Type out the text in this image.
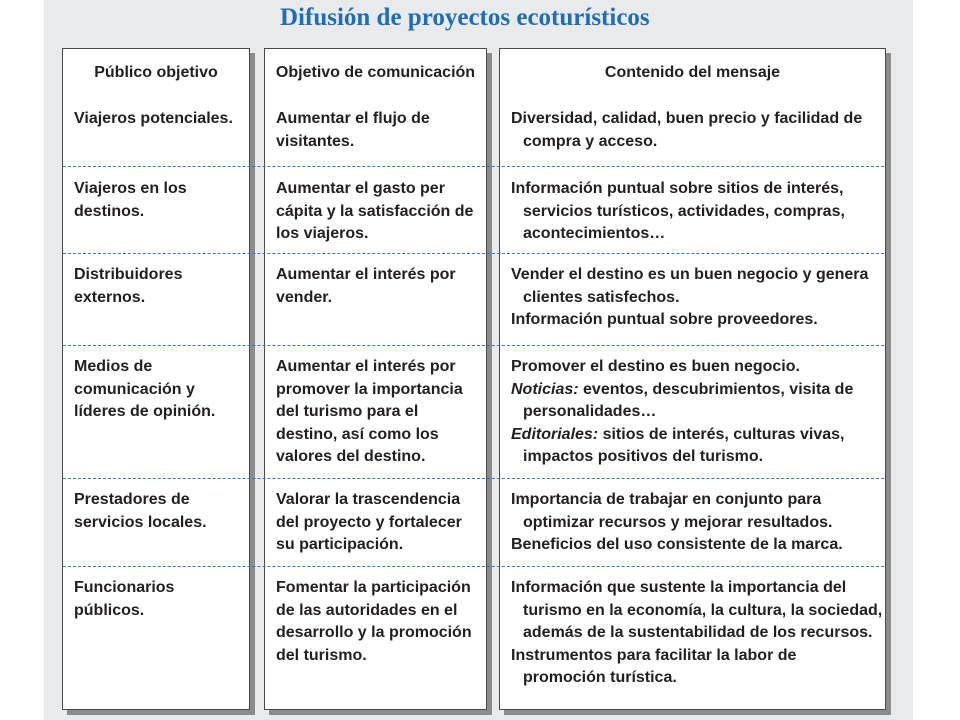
Difusión de proyectos ecoturísticos
Público objetivo
Viajeros potenciales.
Viajeros en los
destinos.
Distribuidores
externos.
Medios de
comunicación y
líderes de opinión.
Prestadores de
servicios locales.
Funcionarios
públicos.
Objetivo de comunicación
Aumentar el flujo de
visitantes.
Aumentar el gasto per
cápita y la satisfacción de
los viajeros.
Aumentar el interés por
vender.
Aumentar el interés por
promover la importancia
del turismo para el
destino, así como los
valores del destino.
Valorar la trascendencia
del proyecto y fortalecer
su participación.
Fomentar la participación
de las autoridades en el
desarrollo y la promoción
del turismo.
Contenido del mensaje
Diversidad, calidad, buen precio y facilidad de
compra y acceso.
Información puntual sobre sitios de interés,
servicios turísticos, actividades, compras,
acontecimientos…
Vender el destino es un buen negocio y genera
clientes satisfechos.
Información puntual sobre proveedores.
Promover el destino es buen negocio.
Noticias: eventos, descubrimientos, visita de
personalidades…
Editoriales: sitios de interés, culturas vivas,
impactos positivos del turismo.
Importancia de trabajar en conjunto para
optimizar recursos y mejorar resultados.
Beneficios del uso consistente de la marca.
Información que sustente la importancia del
turismo en la economía, la cultura, la sociedad,
además de la sustentabilidad de los recursos.
Instrumentos para facilitar la labor de
promoción turística.
